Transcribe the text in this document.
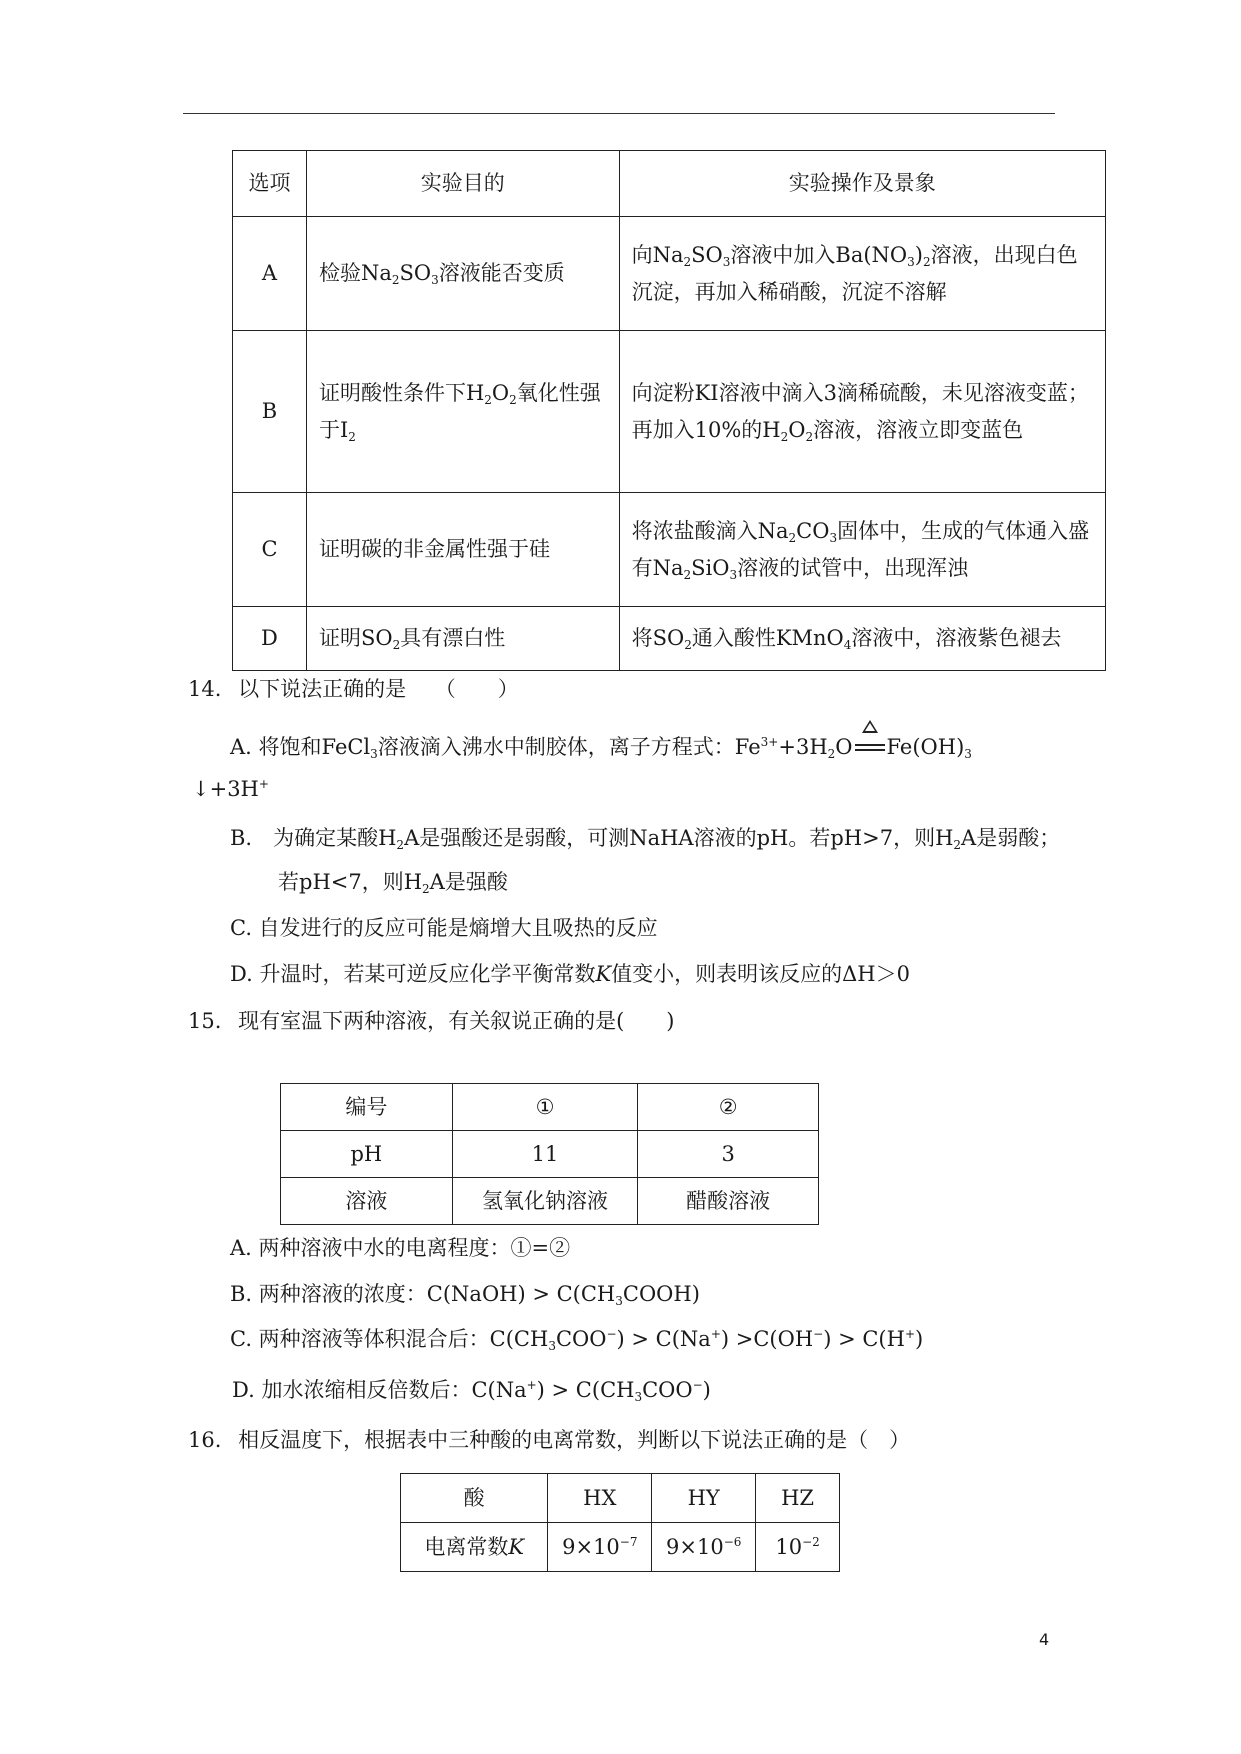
选项	实验目的	实验操作及景象
A	检验$Na_2SO_3$溶液能否变质	向$Na_2SO_3$溶液中加入$Ba(NO_3)_2$溶液，出现白色沉淀，再加入稀硝酸，沉淀不溶解
B	证明酸性条件下$H_2O_2$氧化性强于$I_2$	向淀粉KI溶液中滴入3滴稀硫酸，未见溶液变蓝；　再加入10%的$H_2O_2$溶液，溶液立即变蓝色
C	证明碳的非金属性强于硅	将浓盐酸滴入$Na_2CO_3$固体中，生成的气体通入盛有$Na_2SiO_3$溶液的试管中，出现浑浊
D	证明$SO_2$具有漂白性	将$SO_2$通入酸性KMnO$_4$溶液中，溶液紫色褪去
14. 以下说法正确的是 （　　）
A. 将饱和FeCl$_3$溶液滴入沸水中制胶体，离子方程式：$Fe^{3+}+3H_2O$ $Fe(OH)_3$
↓+3H+
B.　为确定某酸$H_2A$是强酸还是弱酸，可测NaHA溶液的pH。若pH>7，则$H_2A$是弱酸；
若pH<7，则$H_2A$是强酸
C. 自发进行的反应可能是熵增大且吸热的反应
D. 升温时，若某可逆反应化学平衡常数K值变小，则表明该反应的ΔH＞0
15. 现有室温下两种溶液，有关叙说正确的是(　　)
编号	①	②
pH	11	3
溶液	氢氧化钠溶液	醋酸溶液
A. 两种溶液中水的电离程度：①=②
B. 两种溶液的浓度：C(NaOH) > $C(CH_3COOH)$
C. 两种溶液等体积混合后：$C(CH_3COO^-) > C(Na^+) >C(OH^-) > C(H^+)$
D. 加水浓缩相反倍数后：$C(Na^+) > C(CH_3COO^-)$
16. 相反温度下，根据表中三种酸的电离常数，判断以下说法正确的是（　）
酸	HX	HY	HZ
电离常数K	$9\times 10^{-7}$	$9\times 10^{-6}$	$10^{-2}$
4
